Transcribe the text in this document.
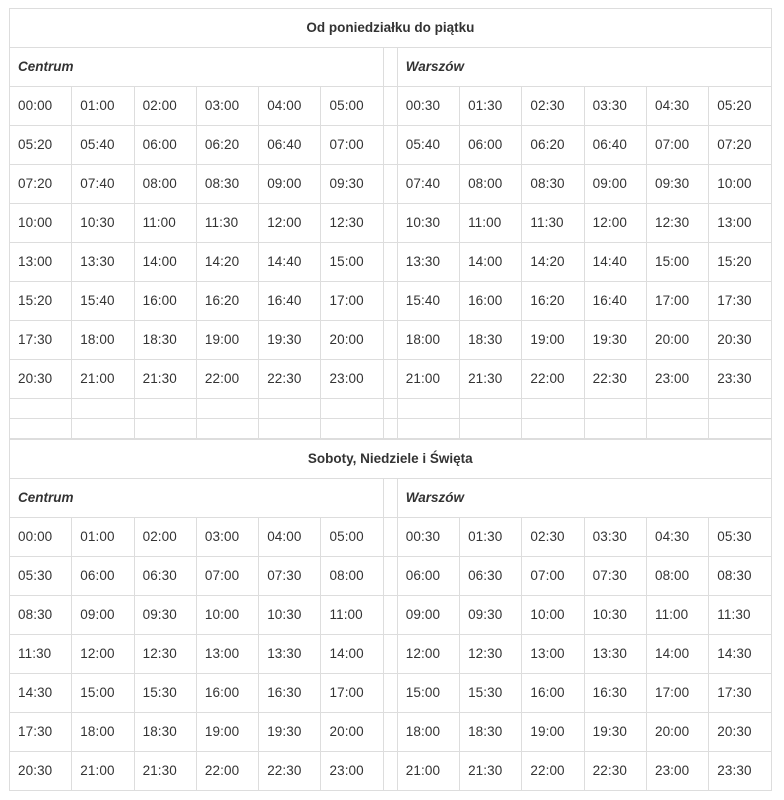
Od poniedziałku do piątku												
Centrum							Warszów					
00:00	01:00	02:00	03:00	04:00	05:00		00:30	01:30	02:30	03:30	04:30	05:20
05:20	05:40	06:00	06:20	06:40	07:00		05:40	06:00	06:20	06:40	07:00	07:20
07:20	07:40	08:00	08:30	09:00	09:30		07:40	08:00	08:30	09:00	09:30	10:00
10:00	10:30	11:00	11:30	12:00	12:30		10:30	11:00	11:30	12:00	12:30	13:00
13:00	13:30	14:00	14:20	14:40	15:00		13:30	14:00	14:20	14:40	15:00	15:20
15:20	15:40	16:00	16:20	16:40	17:00		15:40	16:00	16:20	16:40	17:00	17:30
17:30	18:00	18:30	19:00	19:30	20:00		18:00	18:30	19:00	19:30	20:00	20:30
20:30	21:00	21:30	22:00	22:30	23:00		21:00	21:30	22:00	22:30	23:00	23:30

Soboty, Niedziele i Święta												
Centrum							Warszów					
00:00	01:00	02:00	03:00	04:00	05:00		00:30	01:30	02:30	03:30	04:30	05:30
05:30	06:00	06:30	07:00	07:30	08:00		06:00	06:30	07:00	07:30	08:00	08:30
08:30	09:00	09:30	10:00	10:30	11:00		09:00	09:30	10:00	10:30	11:00	11:30
11:30	12:00	12:30	13:00	13:30	14:00		12:00	12:30	13:00	13:30	14:00	14:30
14:30	15:00	15:30	16:00	16:30	17:00		15:00	15:30	16:00	16:30	17:00	17:30
17:30	18:00	18:30	19:00	19:30	20:00		18:00	18:30	19:00	19:30	20:00	20:30
20:30	21:00	21:30	22:00	22:30	23:00		21:00	21:30	22:00	22:30	23:00	23:30
